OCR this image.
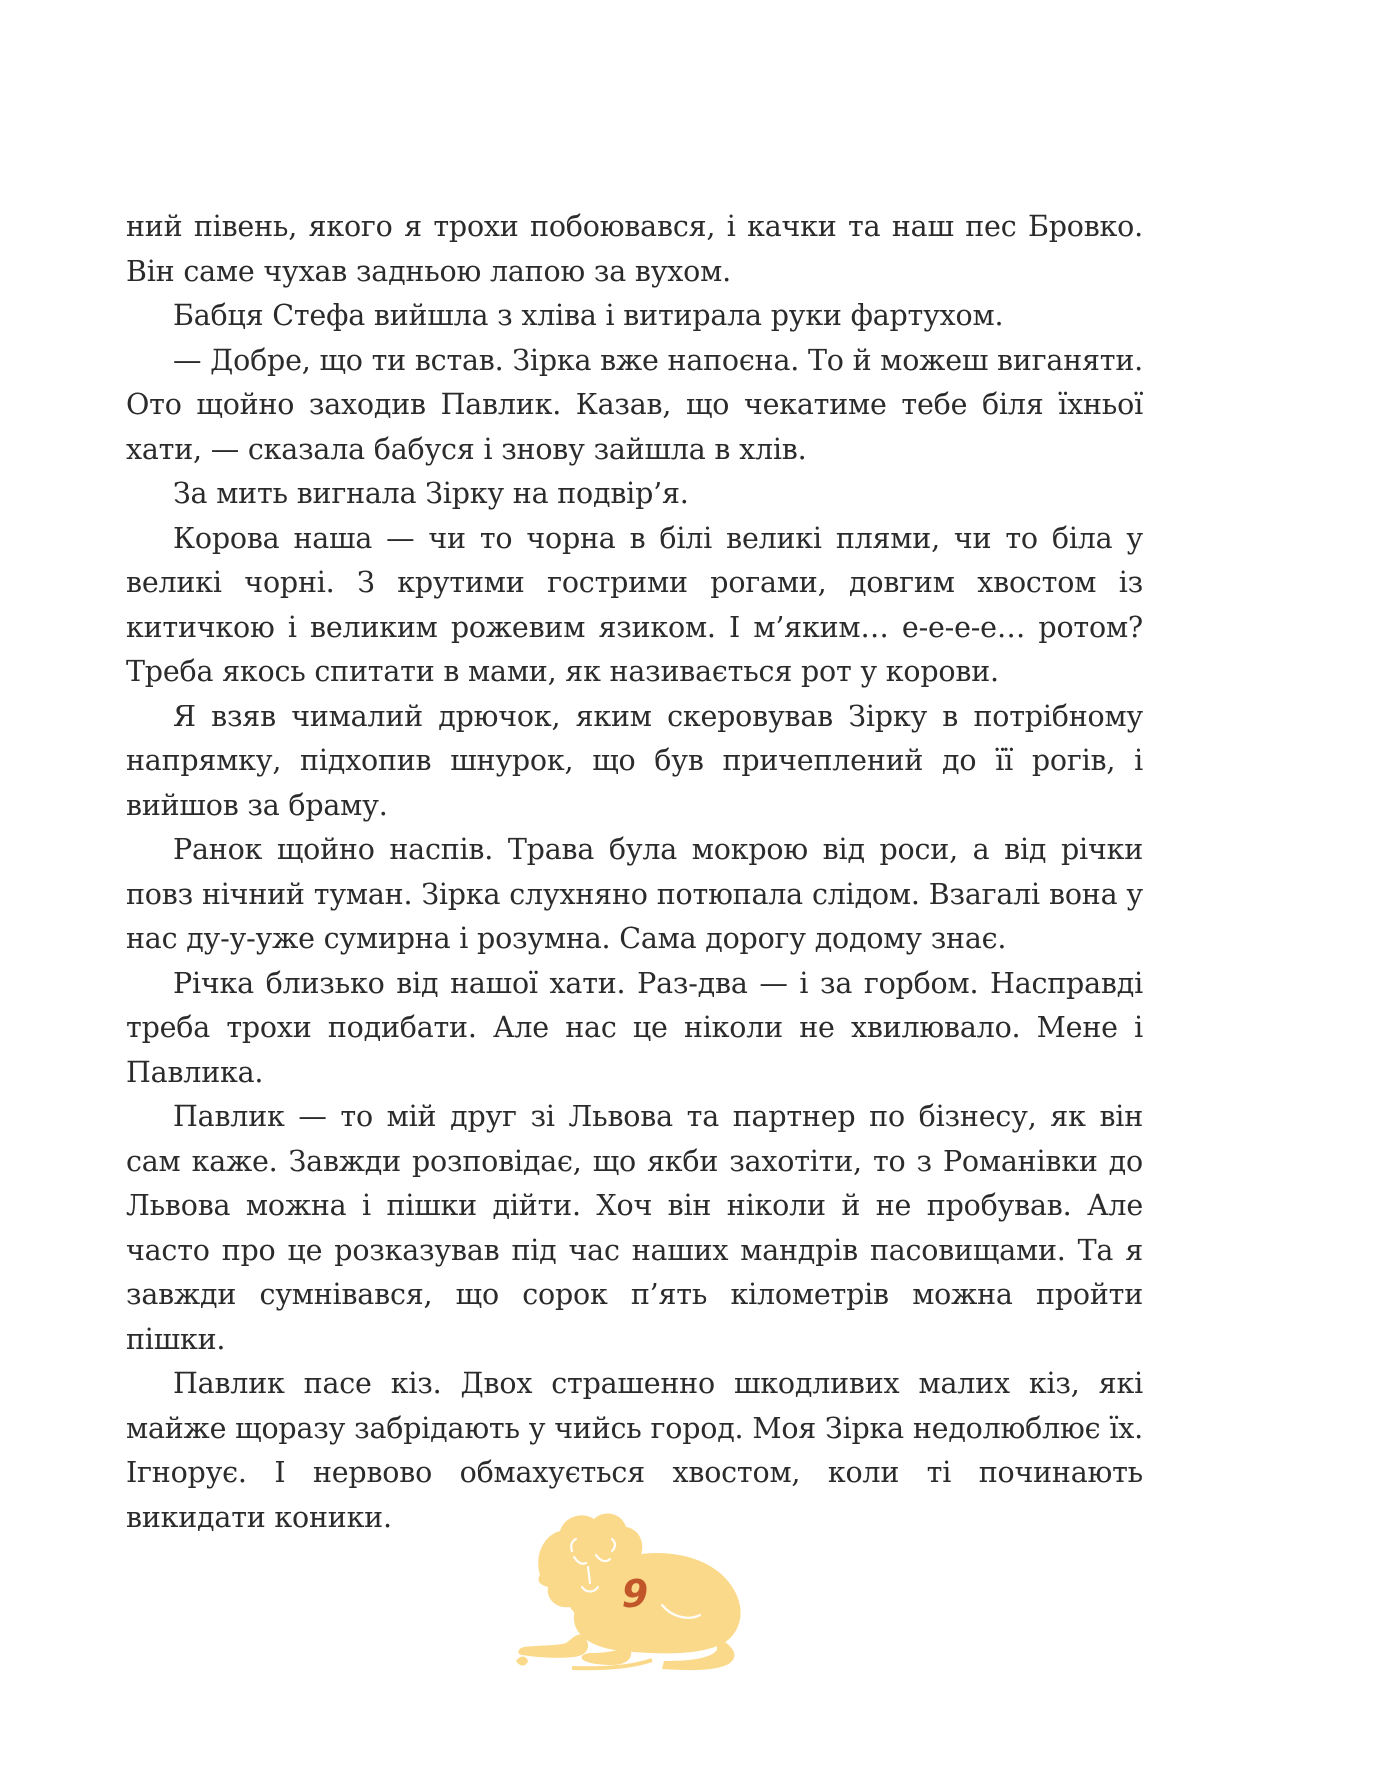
ний півень, якого я трохи побоювався, і качки та наш пес Бровко. Він саме чухав задньою лапою за вухом.

Бабця Стефа вийшла з хліва і витирала руки фартухом.

— Добре, що ти встав. Зірка вже напоєна. То й можеш виганяти. Ото щойно заходив Павлик. Казав, що чекатиме тебе біля їхньої хати, — сказала бабуся і знову зайшла в хлів.

За мить вигнала Зірку на подвір’я.

Корова наша — чи то чорна в білі великі плями, чи то біла у великі чорні. З крутими гострими рогами, довгим хвостом із китичкою і великим рожевим язиком. І м’яким… е-е-е-е… ротом? Треба якось спитати в мами, як називається рот у корови.

Я взяв чималий дрючок, яким скеровував Зірку в потрібному напрямку, підхопив шнурок, що був причеплений до її рогів, і вийшов за браму.

Ранок щойно наспів. Трава була мокрою від роси, а від річки повз нічний туман. Зірка слухняно потюпала слідом. Взагалі вона у нас ду-у-уже сумирна і розумна. Сама дорогу додому знає.

Річка близько від нашої хати. Раз-два — і за горбом. Насправді треба трохи подибати. Але нас це ніколи не хвилювало. Мене і Павлика.

Павлик — то мій друг зі Львова та партнер по бізнесу, як він сам каже. Завжди розповідає, що якби захотіти, то з Романівки до Львова можна і пішки дійти. Хоч він ніколи й не пробував. Але часто про це розказував під час наших мандрів пасовищами. Та я завжди сумнівався, що сорок п’ять кілометрів можна пройти пішки.

Павлик пасе кіз. Двох страшенно шкодливих малих кіз, які майже щоразу забрідають у чийсь город. Моя Зірка недолюблює їх. Ігнорує. І нервово обмахується хвостом, коли ті починають викидати коники.

9
